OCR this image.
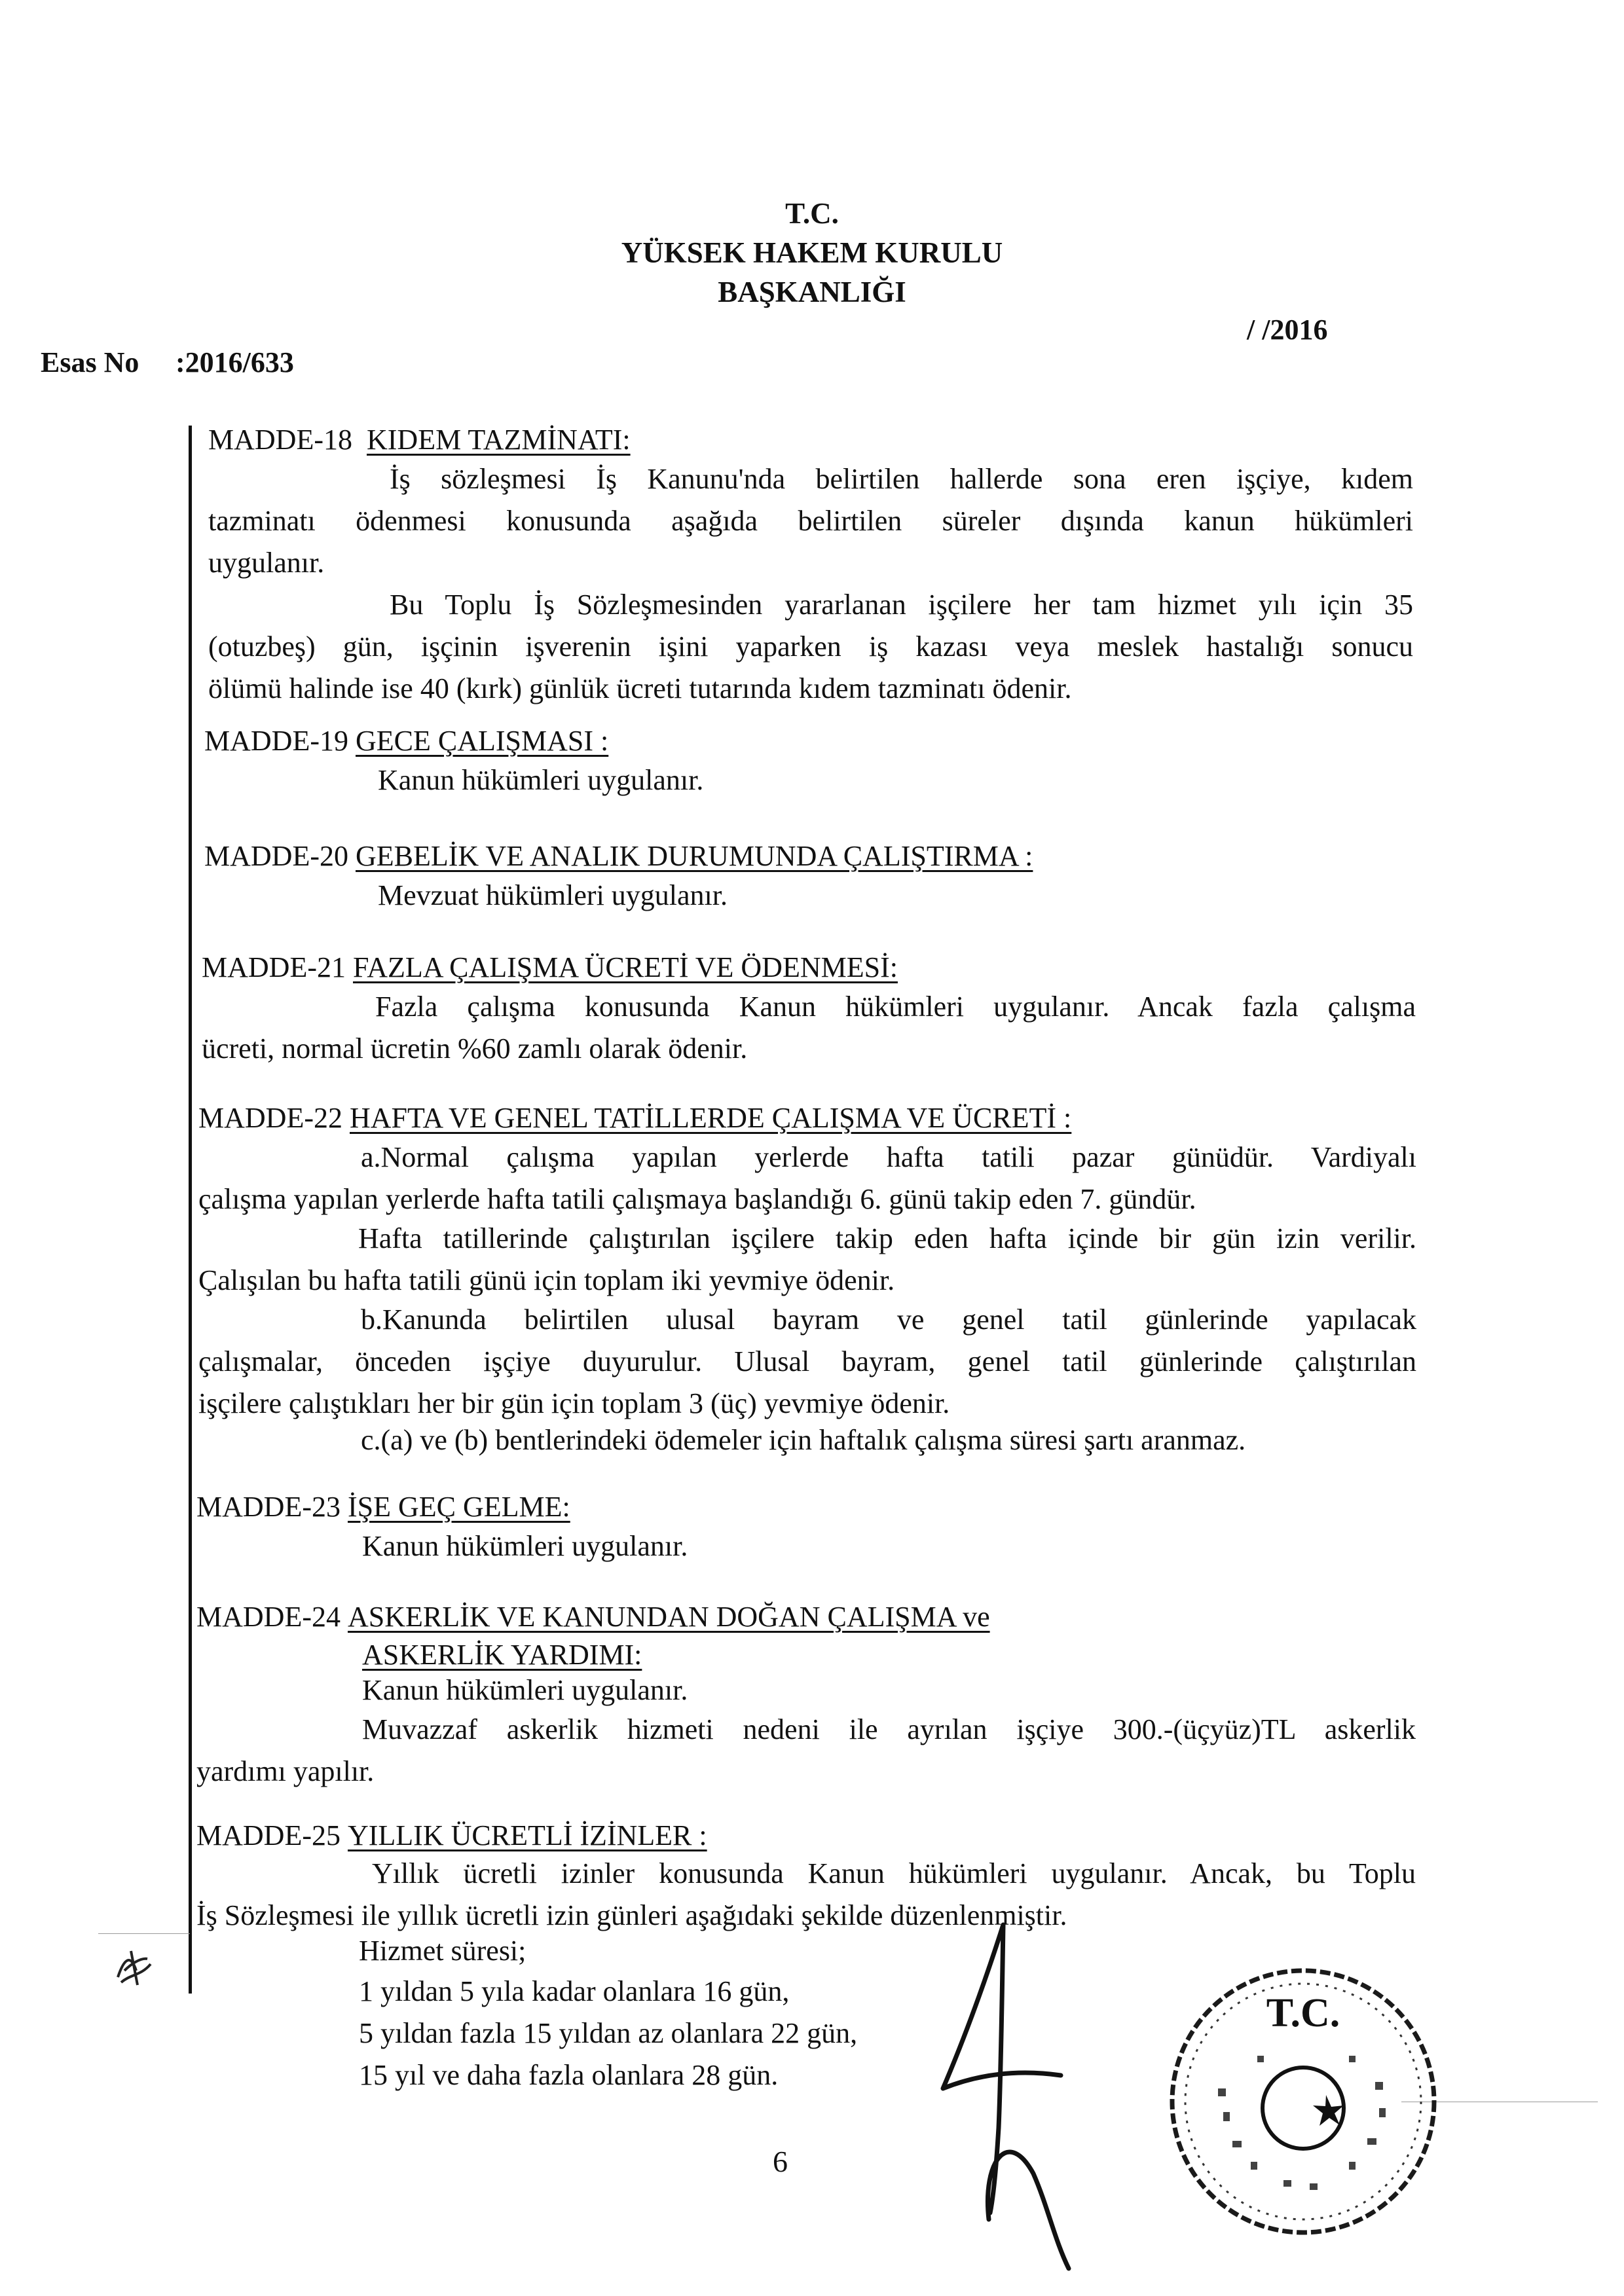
T.C.
YÜKSEK HAKEM KURULU
BAŞKANLIĞI
/ /2016
Esas No :2016/633
MADDE-18 KIDEM TAZMİNATI:
İş sözleşmesi İş Kanunu'nda belirtilen hallerde sona eren işçiye, kıdem
tazminatı ödenmesi konusunda aşağıda belirtilen süreler dışında kanun hükümleri
uygulanır.
Bu Toplu İş Sözleşmesinden yararlanan işçilere her tam hizmet yılı için 35
(otuzbeş) gün, işçinin işverenin işini yaparken iş kazası veya meslek hastalığı sonucu
ölümü halinde ise 40 (kırk) günlük ücreti tutarında kıdem tazminatı ödenir.
MADDE-19 GECE ÇALIŞMASI :
Kanun hükümleri uygulanır.
MADDE-20 GEBELİK VE ANALIK DURUMUNDA ÇALIŞTIRMA :
Mevzuat hükümleri uygulanır.
MADDE-21 FAZLA ÇALIŞMA ÜCRETİ VE ÖDENMESİ:
Fazla çalışma konusunda Kanun hükümleri uygulanır. Ancak fazla çalışma
ücreti, normal ücretin %60 zamlı olarak ödenir.
MADDE-22 HAFTA VE GENEL TATİLLERDE ÇALIŞMA VE ÜCRETİ :
a.Normal çalışma yapılan yerlerde hafta tatili pazar günüdür. Vardiyalı
çalışma yapılan yerlerde hafta tatili çalışmaya başlandığı 6. günü takip eden 7. gündür.
Hafta tatillerinde çalıştırılan işçilere takip eden hafta içinde bir gün izin verilir.
Çalışılan bu hafta tatili günü için toplam iki yevmiye ödenir.
b.Kanunda belirtilen ulusal bayram ve genel tatil günlerinde yapılacak
çalışmalar, önceden işçiye duyurulur. Ulusal bayram, genel tatil günlerinde çalıştırılan
işçilere çalıştıkları her bir gün için toplam 3 (üç) yevmiye ödenir.
c.(a) ve (b) bentlerindeki ödemeler için haftalık çalışma süresi şartı aranmaz.
MADDE-23 İŞE GEÇ GELME:
Kanun hükümleri uygulanır.
MADDE-24 ASKERLİK VE KANUNDAN DOĞAN ÇALIŞMA ve
ASKERLİK YARDIMI:
Kanun hükümleri uygulanır.
Muvazzaf askerlik hizmeti nedeni ile ayrılan işçiye 300.-(üçyüz)TL askerlik
yardımı yapılır.
MADDE-25 YILLIK ÜCRETLİ İZİNLER :
Yıllık ücretli izinler konusunda Kanun hükümleri uygulanır. Ancak, bu Toplu
İş Sözleşmesi ile yıllık ücretli izin günleri aşağıdaki şekilde düzenlenmiştir.
Hizmet süresi;
1 yıldan 5 yıla kadar olanlara 16 gün,
5 yıldan fazla 15 yıldan az olanlara 22 gün,
15 yıl ve daha fazla olanlara 28 gün.
6
T.C.
